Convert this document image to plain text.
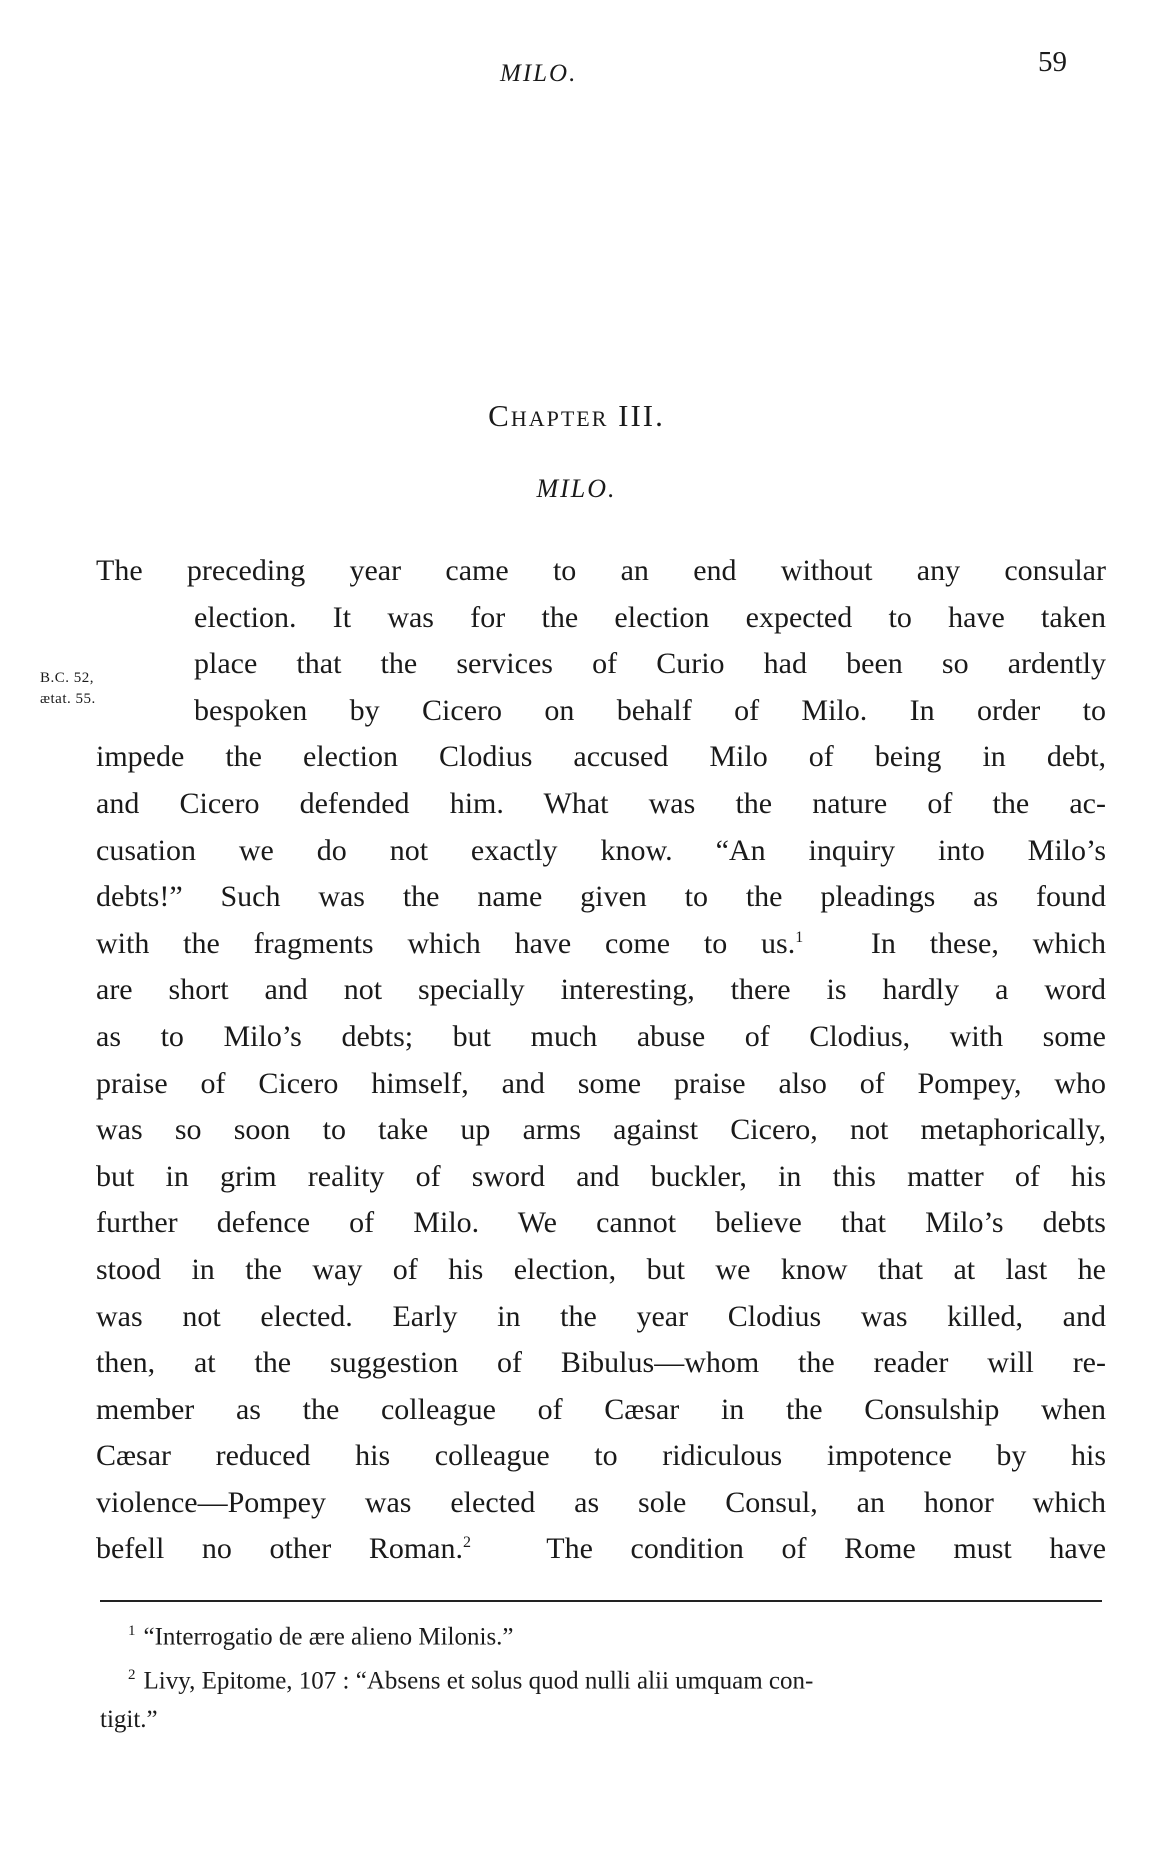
MILO.	59
Chapter III.
MILO.
B.C. 52,
ætat. 55.
The preceding year came to an end without any consular
election. It was for the election expected to have taken
place that the services of Curio had been so ardently
bespoken by Cicero on behalf of Milo. In order to
impede the election Clodius accused Milo of being in debt,
and Cicero defended him. What was the nature of the ac-
cusation we do not exactly know. “An inquiry into Milo’s
debts!” Such was the name given to the pleadings as found
with the fragments which have come to us.$^1$ In these, which
are short and not specially interesting, there is hardly a word
as to Milo’s debts; but much abuse of Clodius, with some
praise of Cicero himself, and some praise also of Pompey, who
was so soon to take up arms against Cicero, not metaphorically,
but in grim reality of sword and buckler, in this matter of his
further defence of Milo. We cannot believe that Milo’s debts
stood in the way of his election, but we know that at last he
was not elected. Early in the year Clodius was killed, and
then, at the suggestion of Bibulus—whom the reader will re-
member as the colleague of Cæsar in the Consulship when
Cæsar reduced his colleague to ridiculous impotence by his
violence—Pompey was elected as sole Consul, an honor which
befell no other Roman.$^2$	The condition of Rome must have
$^1$ “Interrogatio de ære alieno Milonis.”
$^2$ Livy, Epitome, 107 : “Absens et solus quod nulli alii umquam con-
tigit.”
